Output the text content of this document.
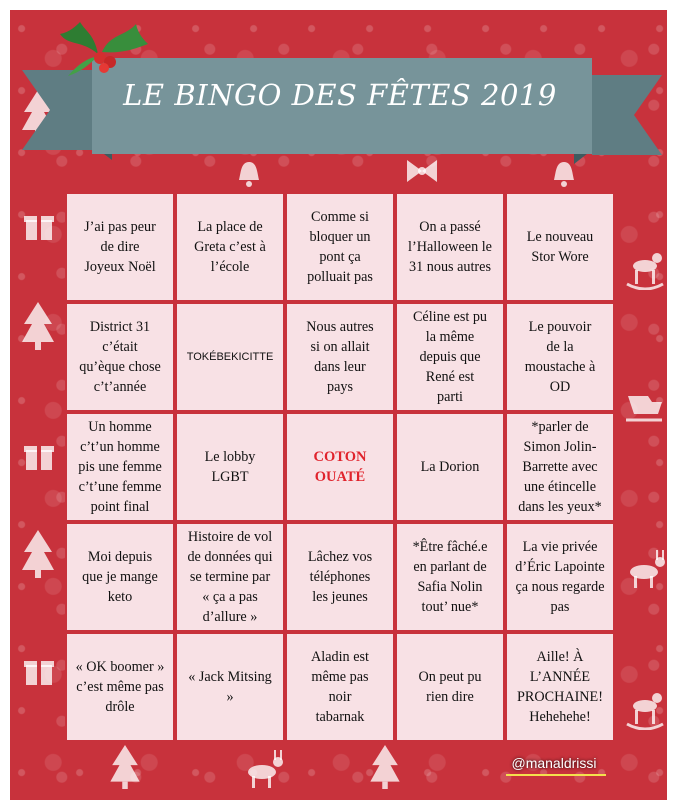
LE BINGO DES FÊTES 2019
J’ai pas peur
de dire
Joyeux Noël
La place de
Greta c’est à
l’école
Comme si
bloquer un
pont ça
polluait pas
On a passé
l’Halloween le
31 nous autres
Le nouveau
Stor Wore
District 31
c’était
qu’èque chose
c’t’année
TOKÉBEKICITTE
Nous autres
si on allait
dans leur
pays
Céline est pu
la même
depuis que
René est
parti
Le pouvoir
de la
moustache à
OD
Un homme
c’t’un homme
pis une femme
c’t’une femme
point final
Le lobby
LGBT
COTON
OUATÉ
La Dorion
*parler de
Simon Jolin-
Barrette avec
une étincelle
dans les yeux*
Moi depuis
que je mange
keto
Histoire de vol
de données qui
se termine par
« ça a pas
d’allure »
Lâchez vos
téléphones
les jeunes
*Être fâché.e
en parlant de
Safia Nolin
tout’ nue*
La vie privée
d’Éric Lapointe
ça nous regarde
pas
« OK boomer »
c’est même pas
drôle
« Jack Mitsing »
Aladin est
même pas
noir
tabarnak
On peut pu
rien dire
Aille! À
L’ANNÉE
PROCHAINE!
Hehehehe!
@manaldrissi
